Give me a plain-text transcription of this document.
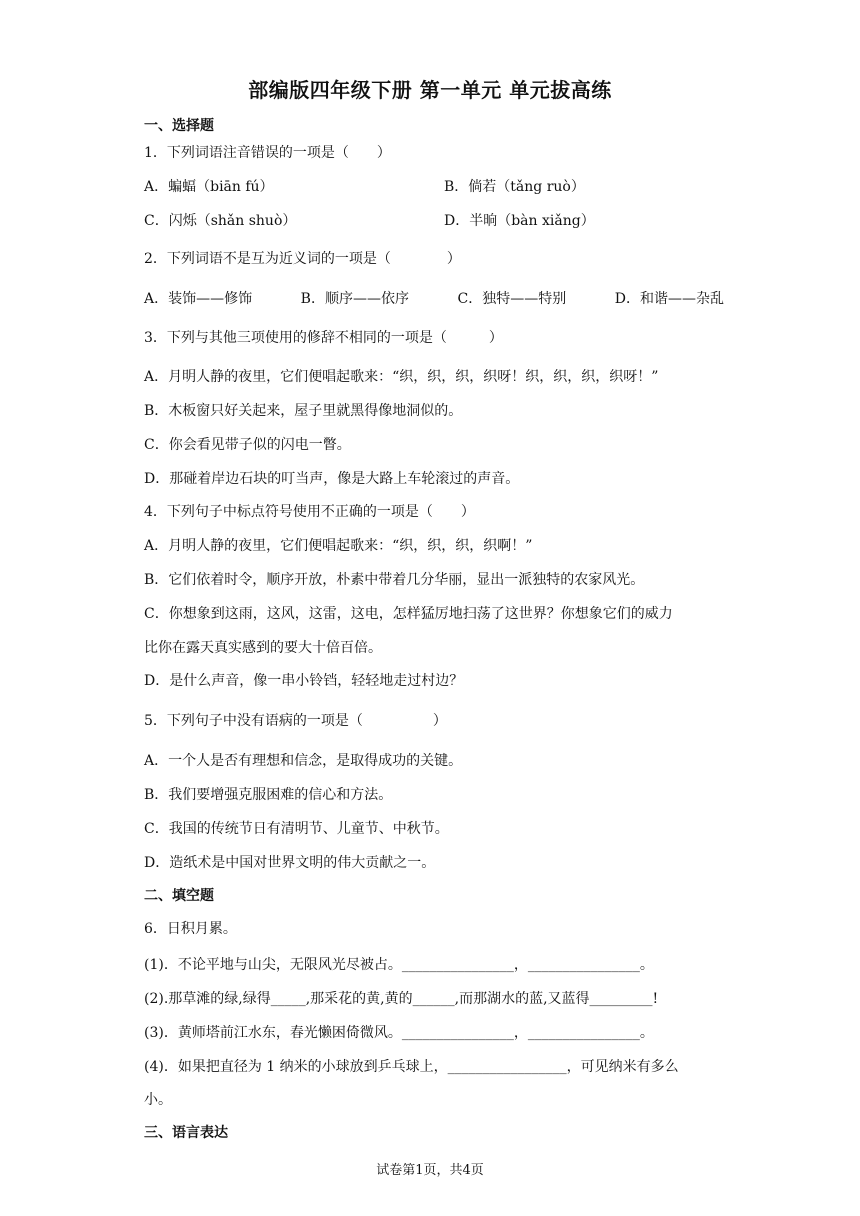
部编版四年级下册 第一单元 单元拔高练
一、选择题
1．下列词语注音错误的一项是（　　）
A．蝙蝠（biān fú）	B．倘若（tǎng ruò）
C．闪烁（shǎn shuò）	D．半晌（bàn xiǎng）
2．下列词语不是互为近义词的一项是（　　　　）
A．装饰——修饰	B．顺序——依序	C．独特——特别	D．和谐——杂乱
3．下列与其他三项使用的修辞不相同的一项是（　　　）
A．月明人静的夜里，它们便唱起歌来：“织，织，织，织呀！织，织，织，织呀！”
B．木板窗只好关起来，屋子里就黑得像地洞似的。
C．你会看见带子似的闪电一瞥。
D．那碰着岸边石块的叮当声，像是大路上车轮滚过的声音。
4．下列句子中标点符号使用不正确的一项是（　　）
A．月明人静的夜里，它们便唱起歌来：“织，织，织，织啊！”
B．它们依着时令，顺序开放，朴素中带着几分华丽，显出一派独特的农家风光。
C．你想象到这雨，这风，这雷，这电，怎样猛厉地扫荡了这世界？你想象它们的威力
比你在露天真实感到的要大十倍百倍。
D．是什么声音，像一串小铃铛，轻轻地走过村边？
5．下列句子中没有语病的一项是（　　　　　）
A．一个人是否有理想和信念，是取得成功的关键。
B．我们要增强克服困难的信心和方法。
C．我国的传统节日有清明节、儿童节、中秋节。
D．造纸术是中国对世界文明的伟大贡献之一。
二、填空题
6．日积月累。
(1)．不论平地与山尖，无限风光尽被占。________________，________________。
(2).那草滩的绿,绿得_____,那采花的黄,黄的______,而那湖水的蓝,又蓝得_________!
(3)．黄师塔前江水东，春光懒困倚微风。________________，________________。
(4)．如果把直径为 1 纳米的小球放到乒乓球上，_________________，可见纳米有多么
小。
三、语言表达
试卷第1页，共4页
